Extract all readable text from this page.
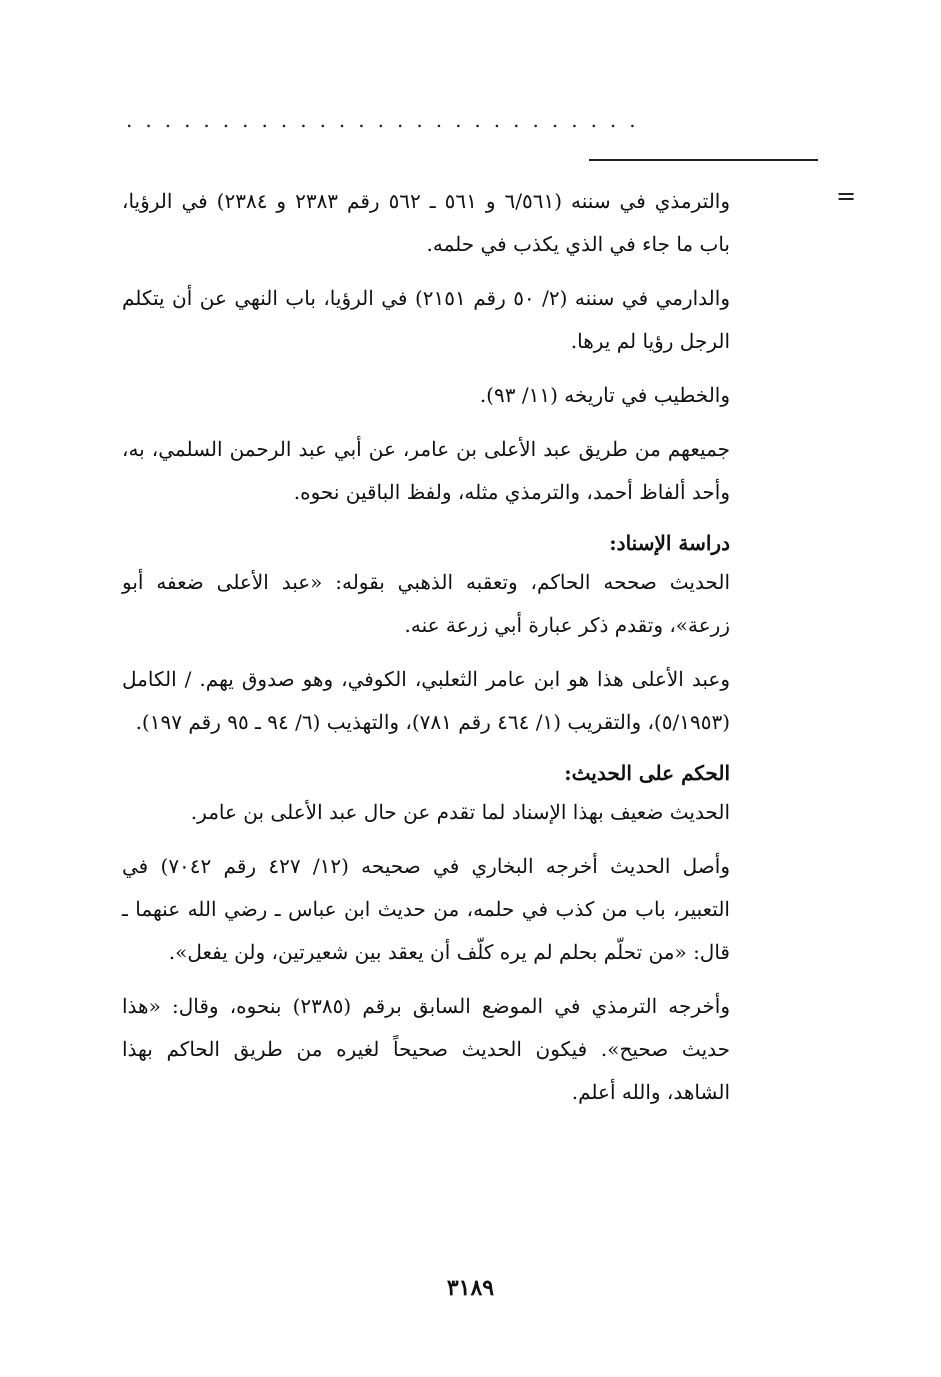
...........................
=

والترمذي في سننه (٦/٥٦١ و ٥٦١ ـ ٥٦٢ رقم ٢٣٨٣ و ٢٣٨٤) في الرؤيا، باب ما جاء في الذي يكذب في حلمه.

والدارمي في سننه (٢/ ٥٠ رقم ٢١٥١) في الرؤيا، باب النهي عن أن يتكلم الرجل رؤيا لم يرها.

والخطيب في تاريخه (١١/ ٩٣).

جميعهم من طريق عبد الأعلى بن عامر، عن أبي عبد الرحمن السلمي، به، وأحد ألفاظ أحمد، والترمذي مثله، ولفظ الباقين نحوه.

دراسة الإسناد:

الحديث صححه الحاكم، وتعقبه الذهبي بقوله: «عبد الأعلى ضعفه أبو زرعة»، وتقدم ذكر عبارة أبي زرعة عنه.

وعبد الأعلى هذا هو ابن عامر الثعلبي، الكوفي، وهو صدوق يهم. / الكامل (٥/١٩٥٣)، والتقريب (١/ ٤٦٤ رقم ٧٨١)، والتهذيب (٦/ ٩٤ ـ ٩٥ رقم ١٩٧).

الحكم على الحديث:

الحديث ضعيف بهذا الإسناد لما تقدم عن حال عبد الأعلى بن عامر.

وأصل الحديث أخرجه البخاري في صحيحه (١٢/ ٤٢٧ رقم ٧٠٤٢) في التعبير، باب من كذب في حلمه، من حديث ابن عباس ـ رضي الله عنهما ـ قال: «من تحلّم بحلم لم يره كلّف أن يعقد بين شعيرتين، ولن يفعل».

وأخرجه الترمذي في الموضع السابق برقم (٢٣٨٥) بنحوه، وقال: «هذا حديث صحيح». فيكون الحديث صحيحاً لغيره من طريق الحاكم بهذا الشاهد، والله أعلم.

٣١٨٩
